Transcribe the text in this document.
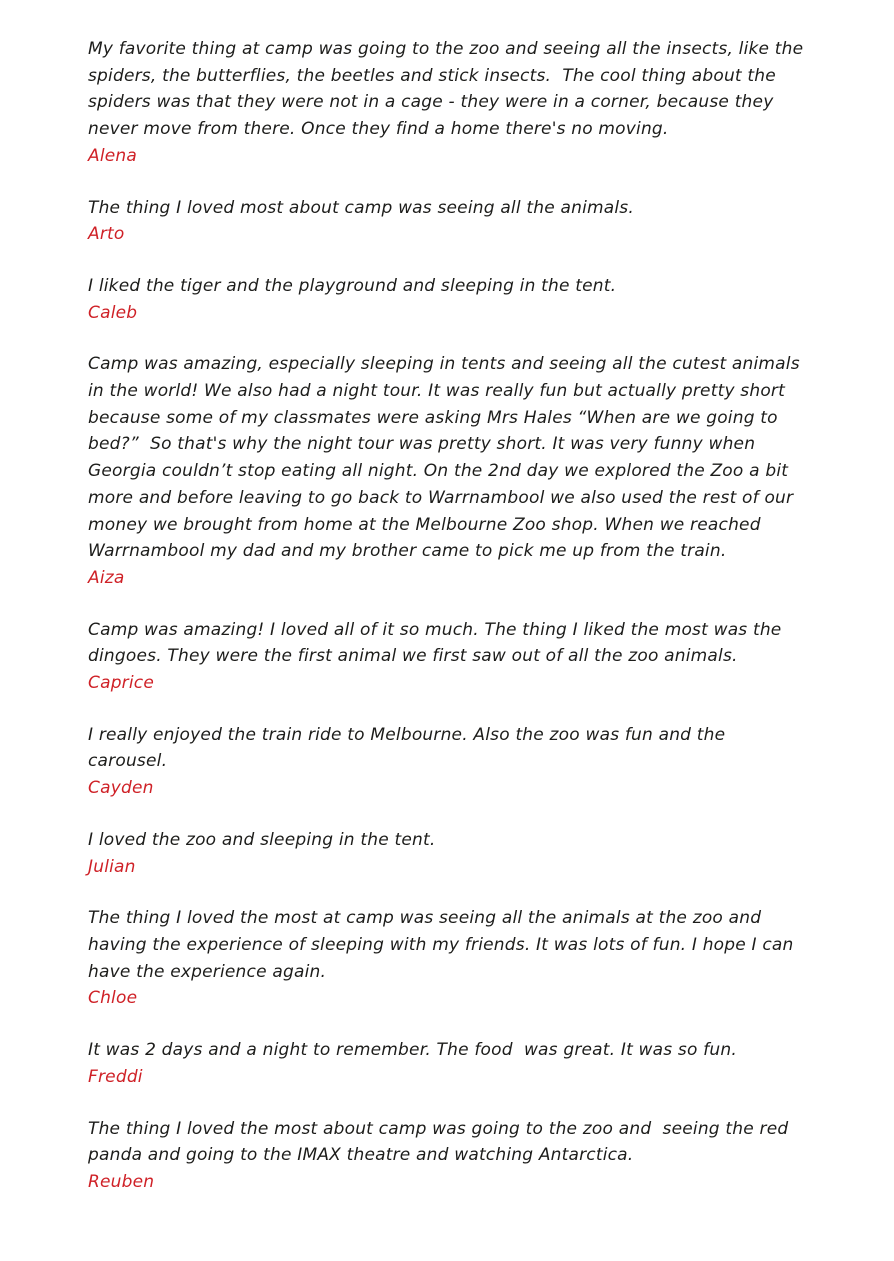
My favorite thing at camp was going to the zoo and seeing all the insects, like the spiders, the butterflies, the beetles and stick insects.  The cool thing about the spiders was that they were not in a cage - they were in a corner, because they never move from there. Once they find a home there's no moving.

Alena

The thing I loved most about camp was seeing all the animals.

Arto

I liked the tiger and the playground and sleeping in the tent.

Caleb

Camp was amazing, especially sleeping in tents and seeing all the cutest animals in the world! We also had a night tour. It was really fun but actually pretty short because some of my classmates were asking Mrs Hales “When are we going to bed?”  So that's why the night tour was pretty short. It was very funny when Georgia couldn’t stop eating all night. On the 2nd day we explored the Zoo a bit more and before leaving to go back to Warrnambool we also used the rest of our money we brought from home at the Melbourne Zoo shop. When we reached Warrnambool my dad and my brother came to pick me up from the train.

Aiza

Camp was amazing! I loved all of it so much. The thing I liked the most was the dingoes. They were the first animal we first saw out of all the zoo animals.

Caprice

I really enjoyed the train ride to Melbourne. Also the zoo was fun and the carousel.

Cayden

I loved the zoo and sleeping in the tent.

Julian

The thing I loved the most at camp was seeing all the animals at the zoo and having the experience of sleeping with my friends. It was lots of fun. I hope I can have the experience again.

Chloe

It was 2 days and a night to remember. The food  was great. It was so fun.

Freddi

The thing I loved the most about camp was going to the zoo and  seeing the red panda and going to the IMAX theatre and watching Antarctica.

Reuben
